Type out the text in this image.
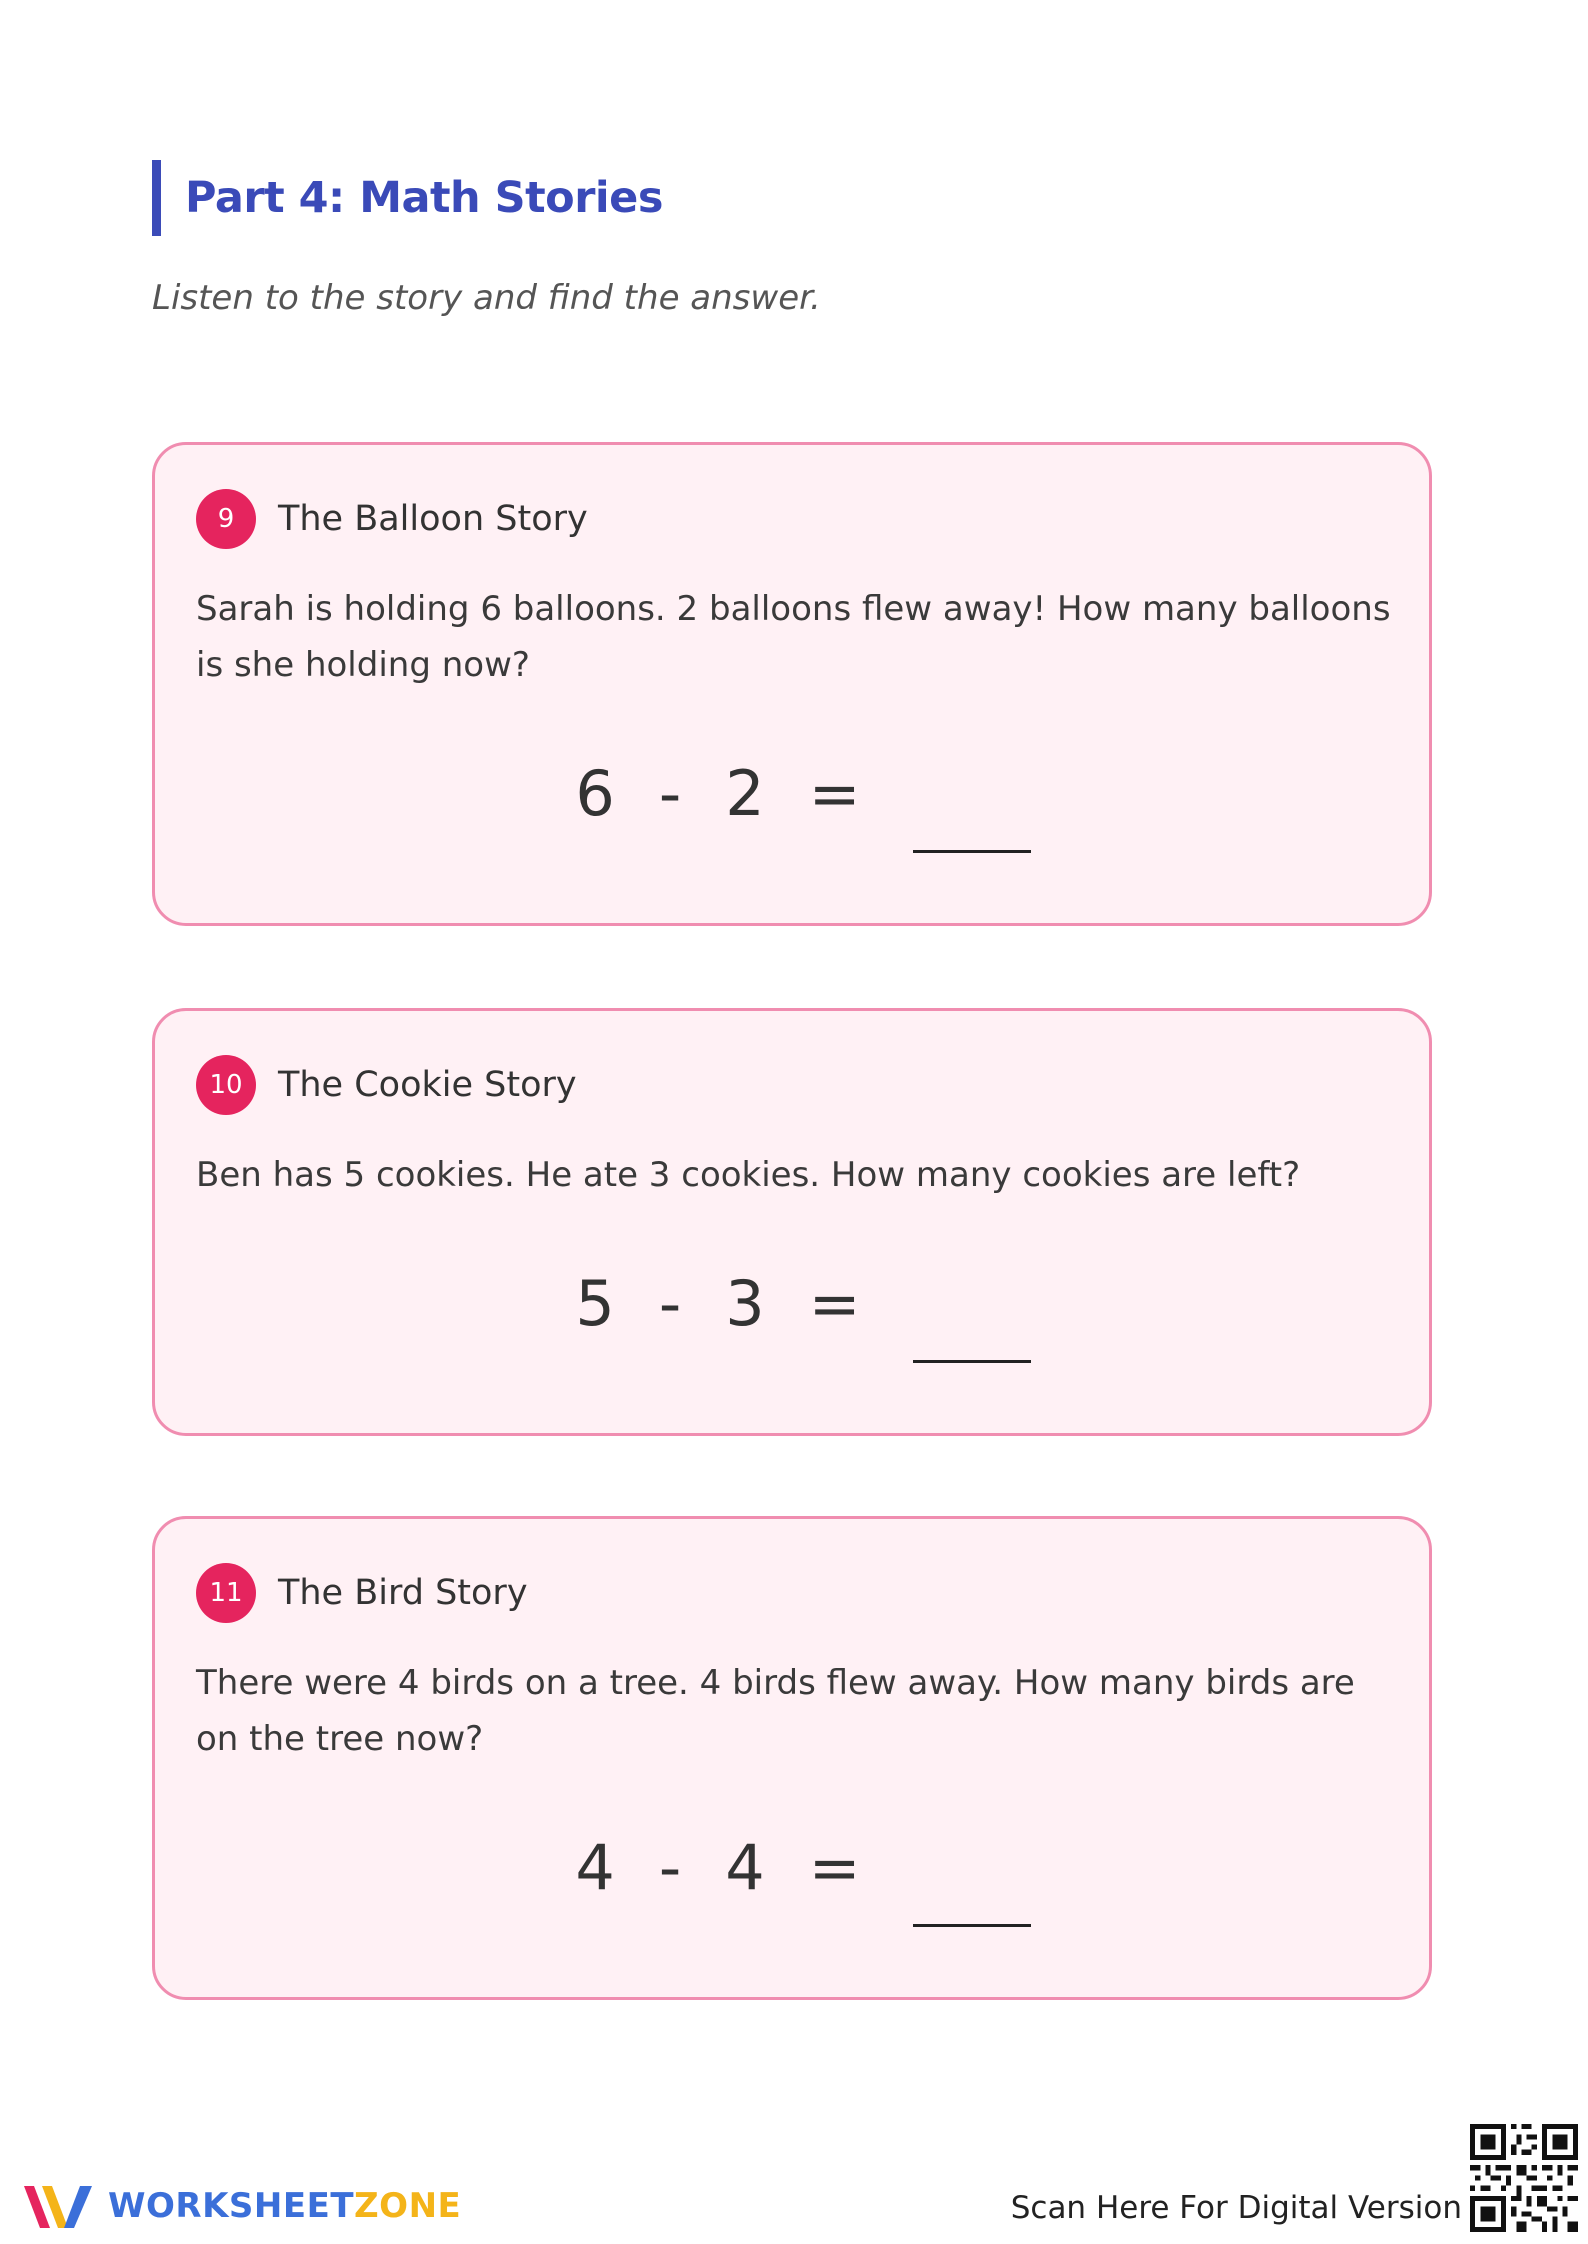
Part 4: Math Stories
Listen to the story and find the answer.
9	The Balloon Story
Sarah is holding 6 balloons. 2 balloons flew away! How many balloons is she holding now?
6 - 2 =
10	The Cookie Story
Ben has 5 cookies. He ate 3 cookies. How many cookies are left?
5 - 3 =
11	The Bird Story
There were 4 birds on a tree. 4 birds flew away. How many birds are on the tree now?
4 - 4 =
WORKSHEETZONE	Scan Here For Digital Version
